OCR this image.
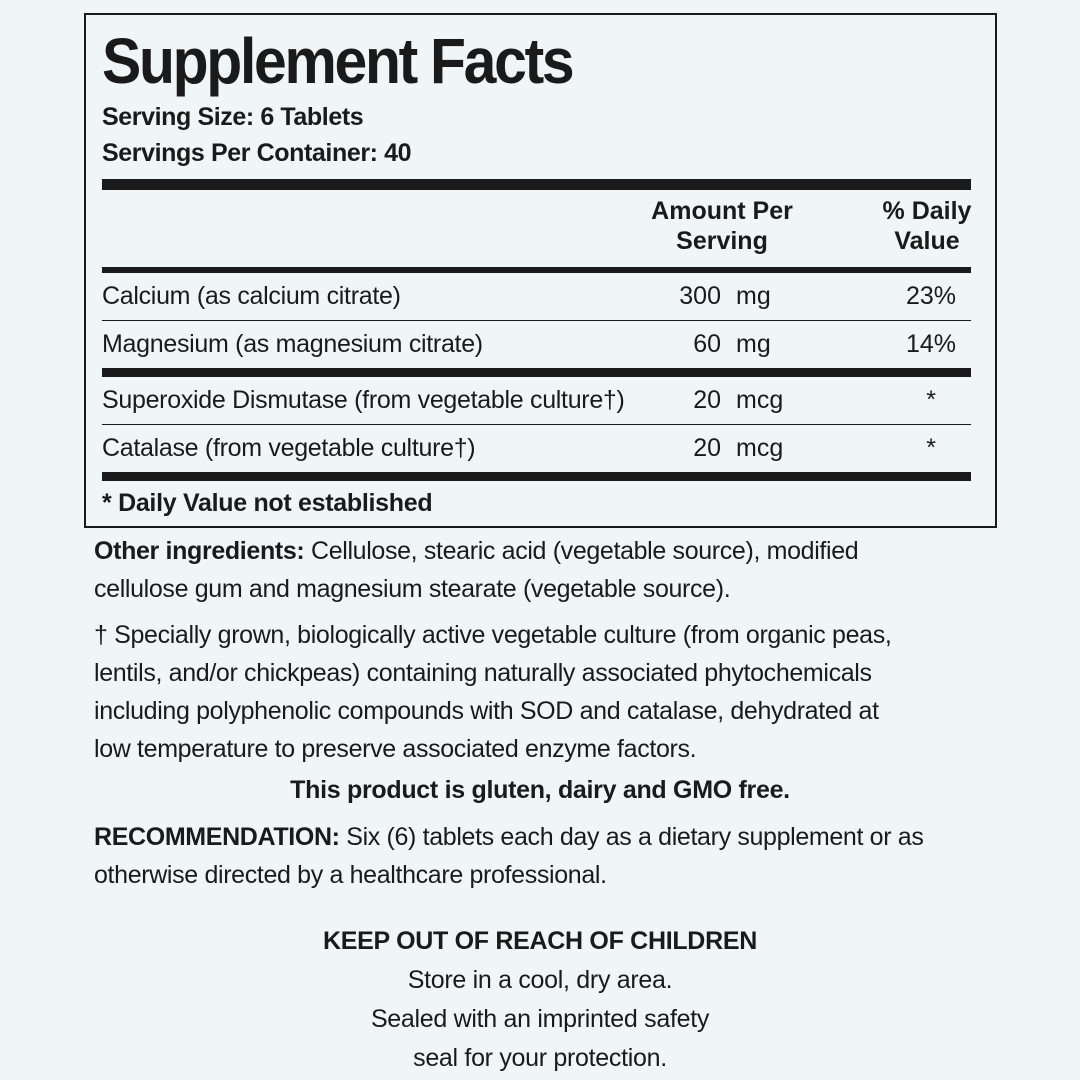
Supplement Facts
Serving Size: 6 Tablets
Servings Per Container: 40
Amount Per
Serving
% Daily
Value
Calcium (as calcium citrate)	300 mg	23%
Magnesium (as magnesium citrate)	60 mg	14%
Superoxide Dismutase (from vegetable culture†)	20 mcg	*
Catalase (from vegetable culture†)	20 mcg	*
* Daily Value not established
Other ingredients: Cellulose, stearic acid (vegetable source), modified
cellulose gum and magnesium stearate (vegetable source).
† Specially grown, biologically active vegetable culture (from organic peas,
lentils, and/or chickpeas) containing naturally associated phytochemicals
including polyphenolic compounds with SOD and catalase, dehydrated at
low temperature to preserve associated enzyme factors.
This product is gluten, dairy and GMO free.
RECOMMENDATION: Six (6) tablets each day as a dietary supplement or as
otherwise directed by a healthcare professional.
KEEP OUT OF REACH OF CHILDREN
Store in a cool, dry area.
Sealed with an imprinted safety
seal for your protection.
